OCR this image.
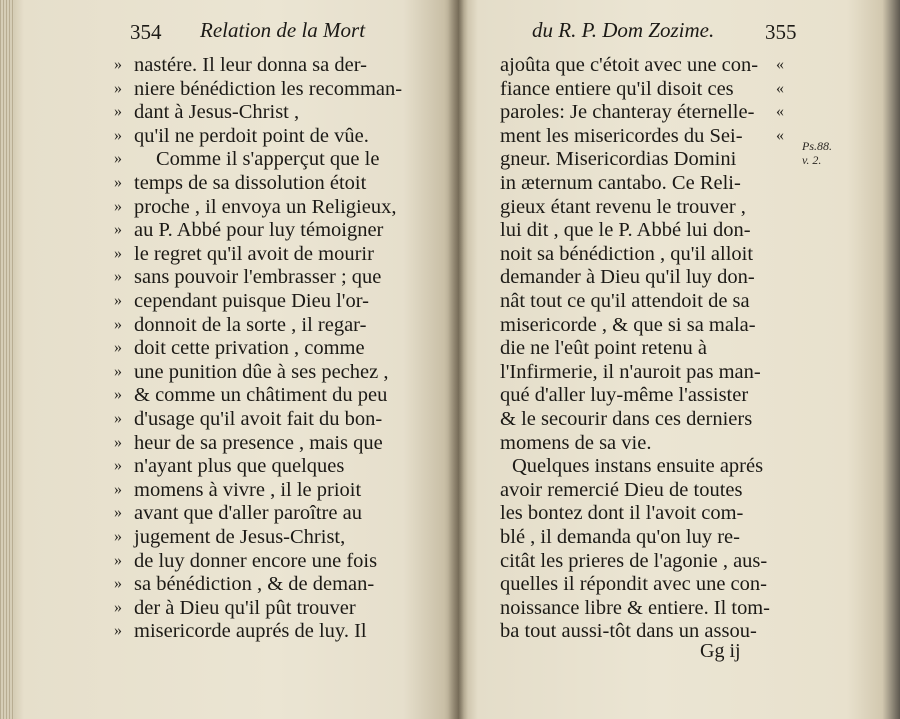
354 Relation de la Mort
nastére. Il leur donna sa der-
niere bénédiction les recomman-
dant à Jesus-Christ ,
qu'il ne perdoit point de vûe.
Comme il s'apperçut que le
temps de sa dissolution étoit
proche , il envoya un Religieux,
au P. Abbé pour luy témoigner
le regret qu'il avoit de mourir
sans pouvoir l'embrasser ; que
cependant puisque Dieu l'or-
donnoit de la sorte , il regar-
doit cette privation , comme
une punition dûe à ses pechez ,
& comme un châtiment du peu
d'usage qu'il avoit fait du bon-
heur de sa presence , mais que
n'ayant plus que quelques
momens à vivre , il le prioit
avant que d'aller paroître au
jugement de Jesus-Christ,
de luy donner encore une fois
sa bénédiction , & de deman-
der à Dieu qu'il pût trouver
misericorde auprés de luy. Il
»
»
»
»
»
»
»
»
»
»
»
»
»
»
»
»
»
»
»
»
»
»
»
»
»
du R. P. Dom Zozime. 355
ajoûta que c'étoit avec une con-
fiance entiere qu'il disoit ces
paroles: Je chanteray éternelle-
ment les misericordes du Sei-
gneur. Misericordias Domini
in æternum cantabo. Ce Reli-
gieux étant revenu le trouver ,
lui dit , que le P. Abbé lui don-
noit sa bénédiction , qu'il alloit
demander à Dieu qu'il luy don-
nât tout ce qu'il attendoit de sa
misericorde , & que si sa mala-
die ne l'eût point retenu à
l'Infirmerie, il n'auroit pas man-
qué d'aller luy-même l'assister
& le secourir dans ces derniers
momens de sa vie.
Quelques instans ensuite aprés
avoir remercié Dieu de toutes
les bontez dont il l'avoit com-
blé , il demanda qu'on luy re-
citât les prieres de l'agonie , aus-
quelles il répondit avec une con-
noissance libre & entiere. Il tom-
ba tout aussi-tôt dans un assou-
«
«
«
«
Ps.88.
v. 2.
Gg ij
